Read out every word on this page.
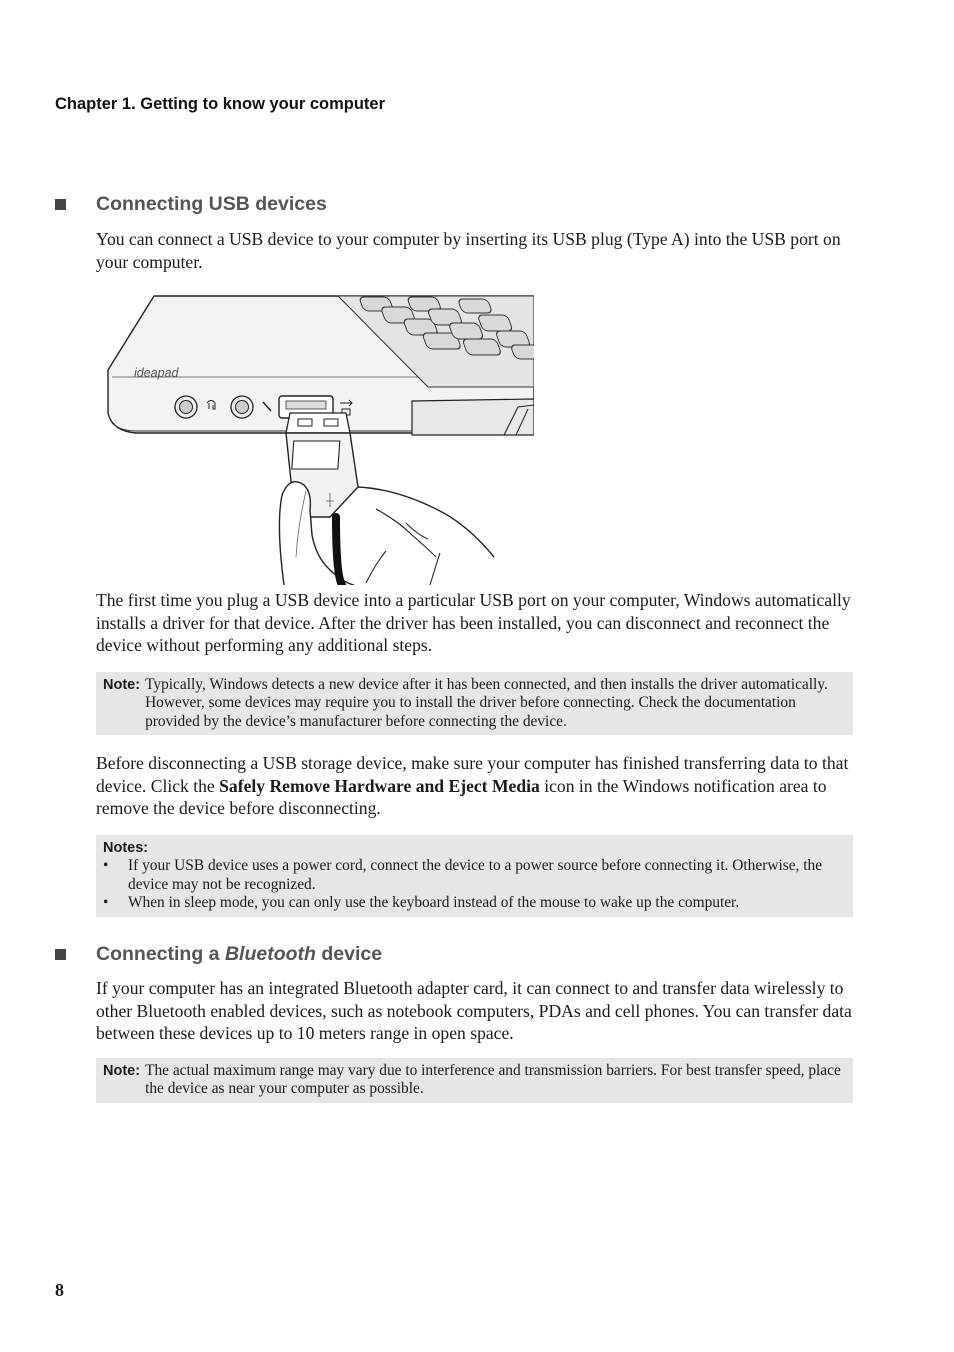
Chapter 1. Getting to know your computer
Connecting USB devices
You can connect a USB device to your computer by inserting its USB plug (Type A) into the USB port on your computer.
ideapad
The first time you plug a USB device into a particular USB port on your computer, Windows automatically installs a driver for that device. After the driver has been installed, you can disconnect and reconnect the device without performing any additional steps.
Note: Typically, Windows detects a new device after it has been connected, and then installs the driver automatically. However, some devices may require you to install the driver before connecting. Check the documentation provided by the device’s manufacturer before connecting the device.
Before disconnecting a USB storage device, make sure your computer has finished transferring data to that device. Click the Safely Remove Hardware and Eject Media icon in the Windows notification area to remove the device before disconnecting.
Notes:
•	If your USB device uses a power cord, connect the device to a power source before connecting it. Otherwise, the device may not be recognized.
•	When in sleep mode, you can only use the keyboard instead of the mouse to wake up the computer.
Connecting a
Bluetooth
device
If your computer has an integrated Bluetooth adapter card, it can connect to and transfer data wirelessly to other Bluetooth enabled devices, such as notebook computers, PDAs and cell phones. You can transfer data between these devices up to 10 meters range in open space.
Note: The actual maximum range may vary due to interference and transmission barriers. For best transfer speed, place the device as near your computer as possible.
8
